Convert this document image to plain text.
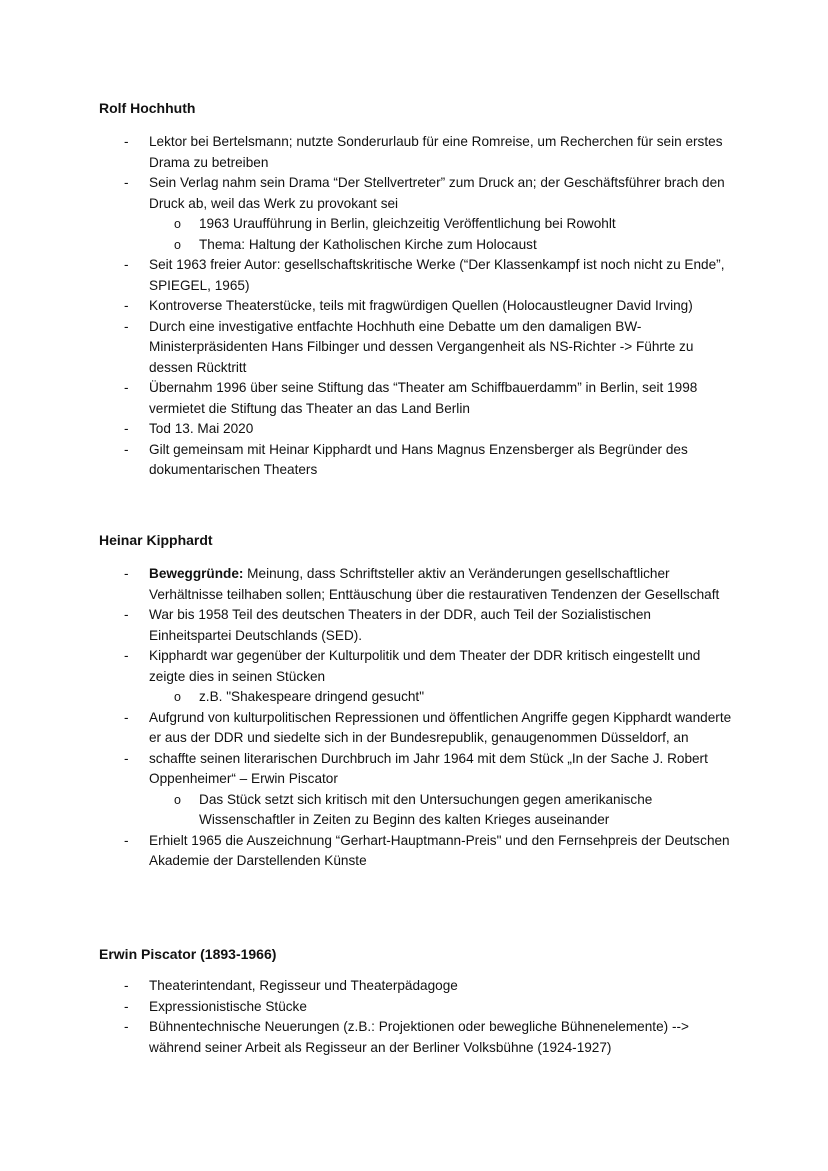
Rolf Hochhuth
- Lektor bei Bertelsmann; nutzte Sonderurlaub für eine Romreise, um Recherchen für sein erstes Drama zu betreiben
- Sein Verlag nahm sein Drama “Der Stellvertreter” zum Druck an; der Geschäftsführer brach den Druck ab, weil das Werk zu provokant sei
o 1963 Uraufführung in Berlin, gleichzeitig Veröffentlichung bei Rowohlt
o Thema: Haltung der Katholischen Kirche zum Holocaust
- Seit 1963 freier Autor: gesellschaftskritische Werke (“Der Klassenkampf ist noch nicht zu Ende”, SPIEGEL, 1965)
- Kontroverse Theaterstücke, teils mit fragwürdigen Quellen (Holocaustleugner David Irving)
- Durch eine investigative entfachte Hochhuth eine Debatte um den damaligen BW-Ministerpräsidenten Hans Filbinger und dessen Vergangenheit als NS-Richter -> Führte zu dessen Rücktritt
- Übernahm 1996 über seine Stiftung das “Theater am Schiffbauerdamm” in Berlin, seit 1998 vermietet die Stiftung das Theater an das Land Berlin
- Tod 13. Mai 2020
- Gilt gemeinsam mit Heinar Kipphardt und Hans Magnus Enzensberger als Begründer des dokumentarischen Theaters
Heinar Kipphardt
- Beweggründe: Meinung, dass Schriftsteller aktiv an Veränderungen gesellschaftlicher Verhältnisse teilhaben sollen; Enttäuschung über die restaurativen Tendenzen der Gesellschaft
- War bis 1958 Teil des deutschen Theaters in der DDR, auch Teil der Sozialistischen Einheitspartei Deutschlands (SED).
- Kipphardt war gegenüber der Kulturpolitik und dem Theater der DDR kritisch eingestellt und zeigte dies in seinen Stücken
o z.B. "Shakespeare dringend gesucht"
- Aufgrund von kulturpolitischen Repressionen und öffentlichen Angriffe gegen Kipphardt wanderte er aus der DDR und siedelte sich in der Bundesrepublik, genaugenommen Düsseldorf, an
- schaffte seinen literarischen Durchbruch im Jahr 1964 mit dem Stück „In der Sache J. Robert Oppenheimer“ – Erwin Piscator
o Das Stück setzt sich kritisch mit den Untersuchungen gegen amerikanische Wissenschaftler in Zeiten zu Beginn des kalten Krieges auseinander
- Erhielt 1965 die Auszeichnung “Gerhart-Hauptmann-Preis" und den Fernsehpreis der Deutschen Akademie der Darstellenden Künste
Erwin Piscator (1893-1966)
- Theaterintendant, Regisseur und Theaterpädagoge
- Expressionistische Stücke
- Bühnentechnische Neuerungen (z.B.: Projektionen oder bewegliche Bühnenelemente) --> während seiner Arbeit als Regisseur an der Berliner Volksbühne (1924-1927)
